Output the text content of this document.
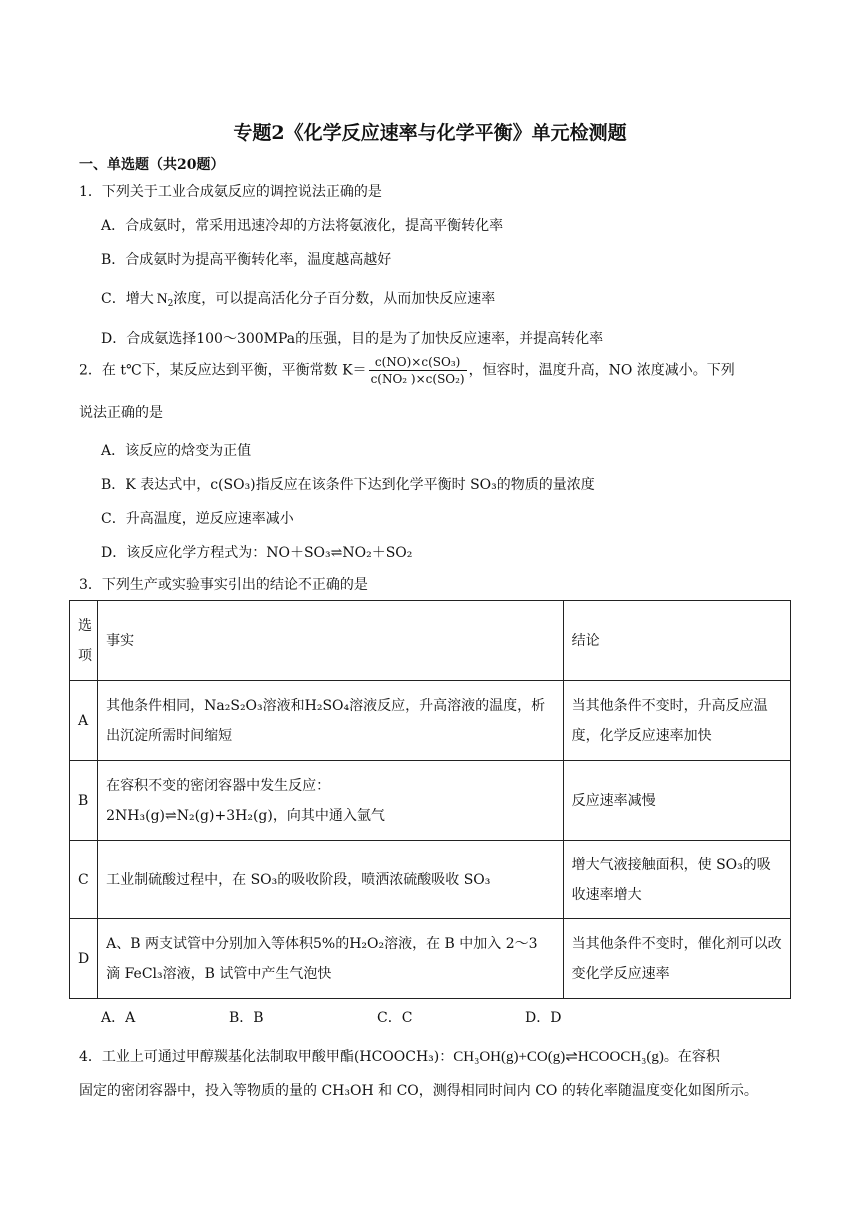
专题2《化学反应速率与化学平衡》单元检测题
一、单选题（共20题）
1．下列关于工业合成氨反应的调控说法正确的是
A．合成氨时，常采用迅速冷却的方法将氨液化，提高平衡转化率
B．合成氨时为提高平衡转化率，温度越高越好
C．增大 $N_2$浓度，可以提高活化分子百分数，从而加快反应速率
D．合成氨选择100～300MPa的压强，目的是为了加快反应速率，并提高转化率
2．在 t℃下，某反应达到平衡，平衡常数 $K= \frac{\text{c(NO)×c(SO₃)}}{\text{c(NO₂ )×c(SO₂)}}$ ，恒容时，温度升高，NO 浓度减小。下列
说法正确的是
A．该反应的焓变为正值
B．K 表达式中，c(SO₃)指反应在该条件下达到化学平衡时 SO₃的物质的量浓度
C．升高温度，逆反应速率减小
D．该反应化学方程式为：NO＋SO₃⇌NO₂＋SO₂
3．下列生产或实验事实引出的结论不正确的是
选项	事实	结论
A	其他条件相同，Na₂S₂O₃溶液和H₂SO₄溶液反应，升高溶液的温度，析出沉淀所需时间缩短	当其他条件不变时，升高反应温度，化学反应速率加快
B	在容积不变的密闭容器中发生反应：
2NH₃(g)⇌N₂(g)+3H₂(g)，向其中通入氩气	反应速率减慢
C	工业制硫酸过程中，在 SO₃的吸收阶段，喷洒浓硫酸吸收 SO₃	增大气液接触面积，使 SO₃的吸收速率增大
D	A、B 两支试管中分别加入等体积5%的H₂O₂溶液，在 B 中加入 2～3 滴 FeCl₃溶液，B 试管中产生气泡快	当其他条件不变时，催化剂可以改变化学反应速率
A．A	B．B	C．C	D．D
4．工业上可通过甲醇羰基化法制取甲酸甲酯(HCOOCH₃)：CH₃OH(g)+CO(g)⇌HCOOCH₃(g)。在容积
固定的密闭容器中，投入等物质的量的 CH₃OH 和 CO，测得相同时间内 CO 的转化率随温度变化如图所示。
